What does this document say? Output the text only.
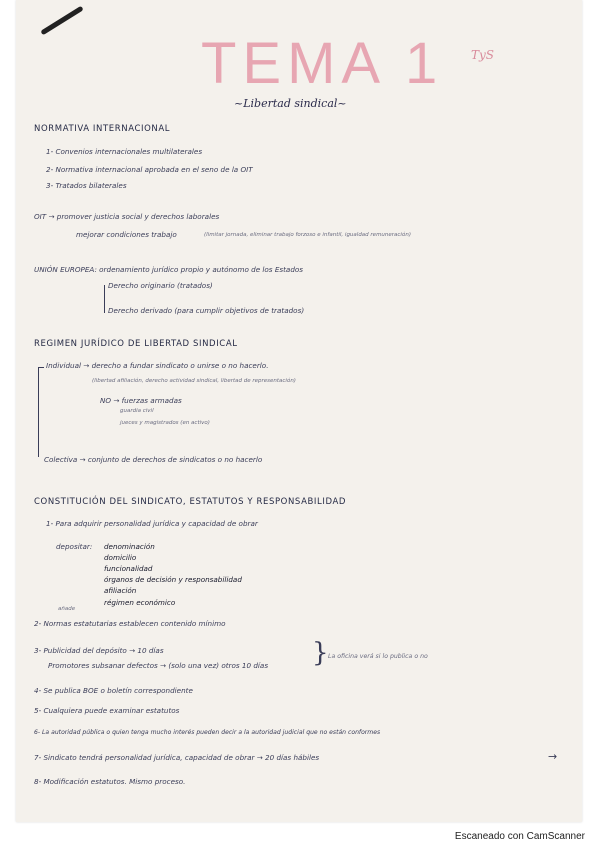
TEMA 1 TyS
~Libertad sindical~
NORMATIVA INTERNACIONAL
1- Convenios internacionales multilaterales
2- Normativa internacional aprobada en el seno de la OIT
3- Tratados bilaterales
OIT → promover justicia social y derechos laborales
mejorar condiciones trabajo	(limitar jornada, eliminar trabajo forzoso e infantil, igualdad remuneración)
UNIÓN EUROPEA: ordenamiento jurídico propio y autónomo de los Estados
Derecho originario (tratados)
Derecho derivado (para cumplir objetivos de tratados)
REGIMEN JURÍDICO DE LIBERTAD SINDICAL
Individual → derecho a fundar sindicato o unirse o no hacerlo.
(libertad afiliación, derecho actividad sindical, libertad de representación)
NO → fuerzas armadas
guardia civil
jueces y magistrados (en activo)
Colectiva → conjunto de derechos de sindicatos o no hacerlo
CONSTITUCIÓN DEL SINDICATO, ESTATUTOS Y RESPONSABILIDAD
1- Para adquirir personalidad jurídica y capacidad de obrar
depositar: denominación
domicilio
funcionalidad
órganos de decisión y responsabilidad
afiliación
régimen económico
añade
2- Normas estatutarias establecen contenido mínimo
3- Publicidad del depósito → 10 días
Promotores subsanar defectos → (solo una vez) otros 10 días } La oficina verá si lo publica o no
4- Se publica BOE o boletín correspondiente
5- Cualquiera puede examinar estatutos
6- La autoridad pública o quien tenga mucho interés pueden decir a la autoridad judicial que no están conformes
7- Sindicato tendrá personalidad jurídica, capacidad de obrar → 20 días hábiles	→
8- Modificación estatutos. Mismo proceso.
Escaneado con CamScanner
